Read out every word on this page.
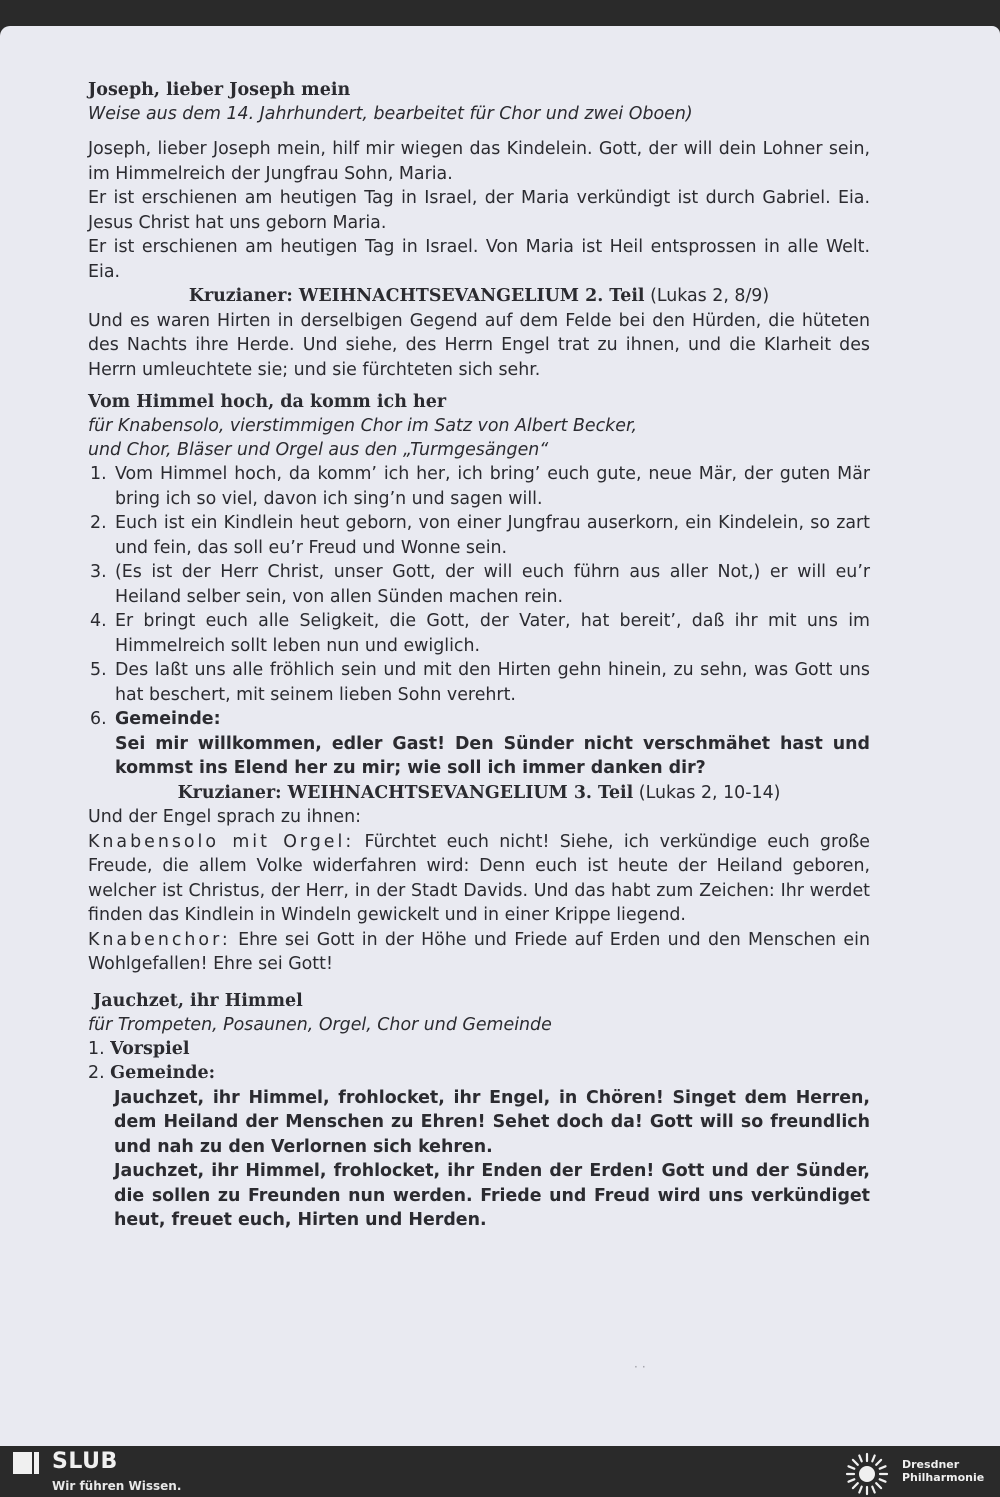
Joseph, lieber Joseph mein

Weise aus dem 14. Jahrhundert, bearbeitet für Chor und zwei Oboen)

Joseph, lieber Joseph mein, hilf mir wiegen das Kindelein. Gott, der will dein Lohner sein, im Himmelreich der Jungfrau Sohn, Maria.

Er ist erschienen am heutigen Tag in Israel, der Maria verkündigt ist durch Gabriel. Eia. Jesus Christ hat uns geborn Maria.

Er ist erschienen am heutigen Tag in Israel. Von Maria ist Heil entsprossen in alle Welt. Eia.

Kruzianer: WEIHNACHTSEVANGELIUM 2. Teil (Lukas 2, 8/9)

Und es waren Hirten in derselbigen Gegend auf dem Felde bei den Hürden, die hüteten des Nachts ihre Herde. Und siehe, des Herrn Engel trat zu ihnen, und die Klarheit des Herrn umleuchtete sie; und sie fürchteten sich sehr.

Vom Himmel hoch, da komm ich her

für Knabensolo, vierstimmigen Chor im Satz von Albert Becker,

und Chor, Bläser und Orgel aus den „Turmgesängen“

1. Vom Himmel hoch, da komm’ ich her, ich bring’ euch gute, neue Mär, der guten Mär bring ich so viel, davon ich sing’n und sagen will.
2. Euch ist ein Kindlein heut geborn, von einer Jungfrau auserkorn, ein Kindelein, so zart und fein, das soll eu’r Freud und Wonne sein.
3. (Es ist der Herr Christ, unser Gott, der will euch führn aus aller Not,) er will eu’r Heiland selber sein, von allen Sünden machen rein.
4. Er bringt euch alle Seligkeit, die Gott, der Vater, hat bereit’, daß ihr mit uns im Himmelreich sollt leben nun und ewiglich.
5. Des laßt uns alle fröhlich sein und mit den Hirten gehn hinein, zu sehn, was Gott uns hat beschert, mit seinem lieben Sohn verehrt.
6. Gemeinde:
Sei mir willkommen, edler Gast! Den Sünder nicht verschmähet hast und kommst ins Elend her zu mir; wie soll ich immer danken dir?

Kruzianer: WEIHNACHTSEVANGELIUM 3. Teil (Lukas 2, 10-14)

Und der Engel sprach zu ihnen:

Knabensolo mit Orgel: Fürchtet euch nicht! Siehe, ich verkündige euch große Freude, die allem Volke widerfahren wird: Denn euch ist heute der Heiland geboren, welcher ist Christus, der Herr, in der Stadt Davids. Und das habt zum Zeichen: Ihr werdet finden das Kindlein in Windeln gewickelt und in einer Krippe liegend.

Knabenchor: Ehre sei Gott in der Höhe und Friede auf Erden und den Menschen ein Wohlgefallen! Ehre sei Gott!

Jauchzet, ihr Himmel

für Trompeten, Posaunen, Orgel, Chor und Gemeinde

1. Vorspiel

2. Gemeinde:

Jauchzet, ihr Himmel, frohlocket, ihr Engel, in Chören! Singet dem Herren, dem Heiland der Menschen zu Ehren! Sehet doch da! Gott will so freundlich und nah zu den Verlornen sich kehren.

Jauchzet, ihr Himmel, frohlocket, ihr Enden der Erden! Gott und der Sünder, die sollen zu Freunden nun werden. Friede und Freud wird uns verkündiget heut, freuet euch, Hirten und Herden.

··
SLUB
Wir führen Wissen.
Dresdner
Philharmonie
